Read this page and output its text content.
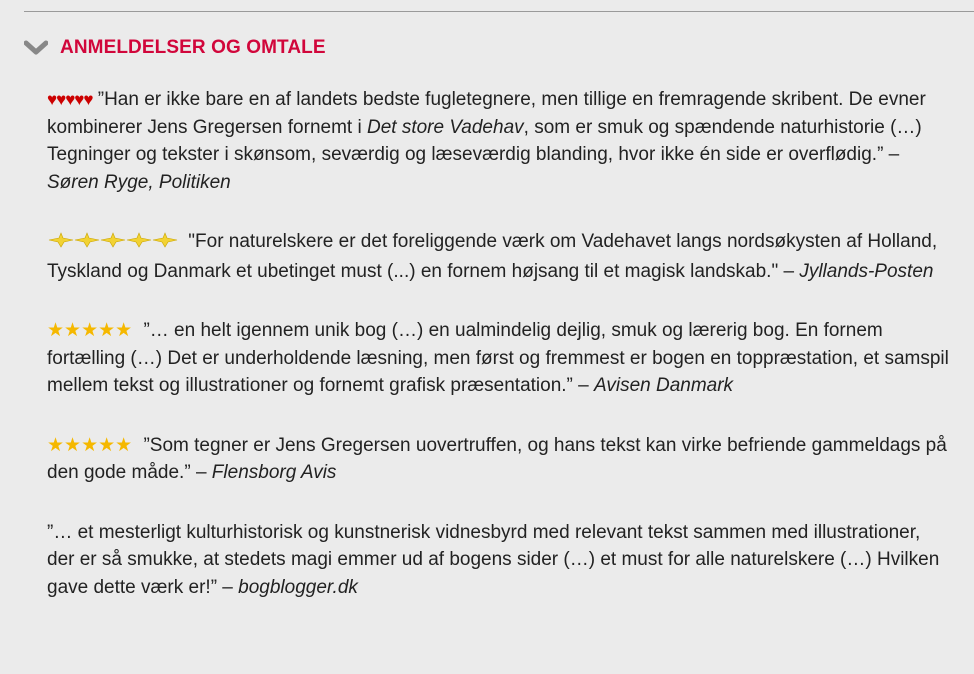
ANMELDELSER OG OMTALE

♥♥♥♥♥ ”Han er ikke bare en af landets bedste fugletegnere, men tillige en fremragende skribent. De evner kombinerer Jens Gregersen fornemt i Det store Vadehav, som er smuk og spændende naturhistorie (…) Tegninger og tekster i skønsom, seværdig og læseværdig blanding, hvor ikke én side er overflødig.” – Søren Ryge, Politiken

"For naturelskere er det foreliggende værk om Vadehavet langs nordsøkysten af Holland, Tyskland og Danmark et ubetinget must (...) en fornem højsang til et magisk landskab." – Jyllands-Posten

★★★★★ ”… en helt igennem unik bog (…) en ualmindelig dejlig, smuk og lærerig bog. En fornem fortælling (…) Det er underholdende læsning, men først og fremmest er bogen en toppræstation, et samspil mellem tekst og illustrationer og fornemt grafisk præsentation.” – Avisen Danmark

★★★★★ ”Som tegner er Jens Gregersen uovertruffen, og hans tekst kan virke befriende gammeldags på den gode måde.” – Flensborg Avis

”… et mesterligt kulturhistorisk og kunstnerisk vidnesbyrd med relevant tekst sammen med illustrationer, der er så smukke, at stedets magi emmer ud af bogens sider (…) et must for alle naturelskere (…) Hvilken gave dette værk er!” – bogblogger.dk
